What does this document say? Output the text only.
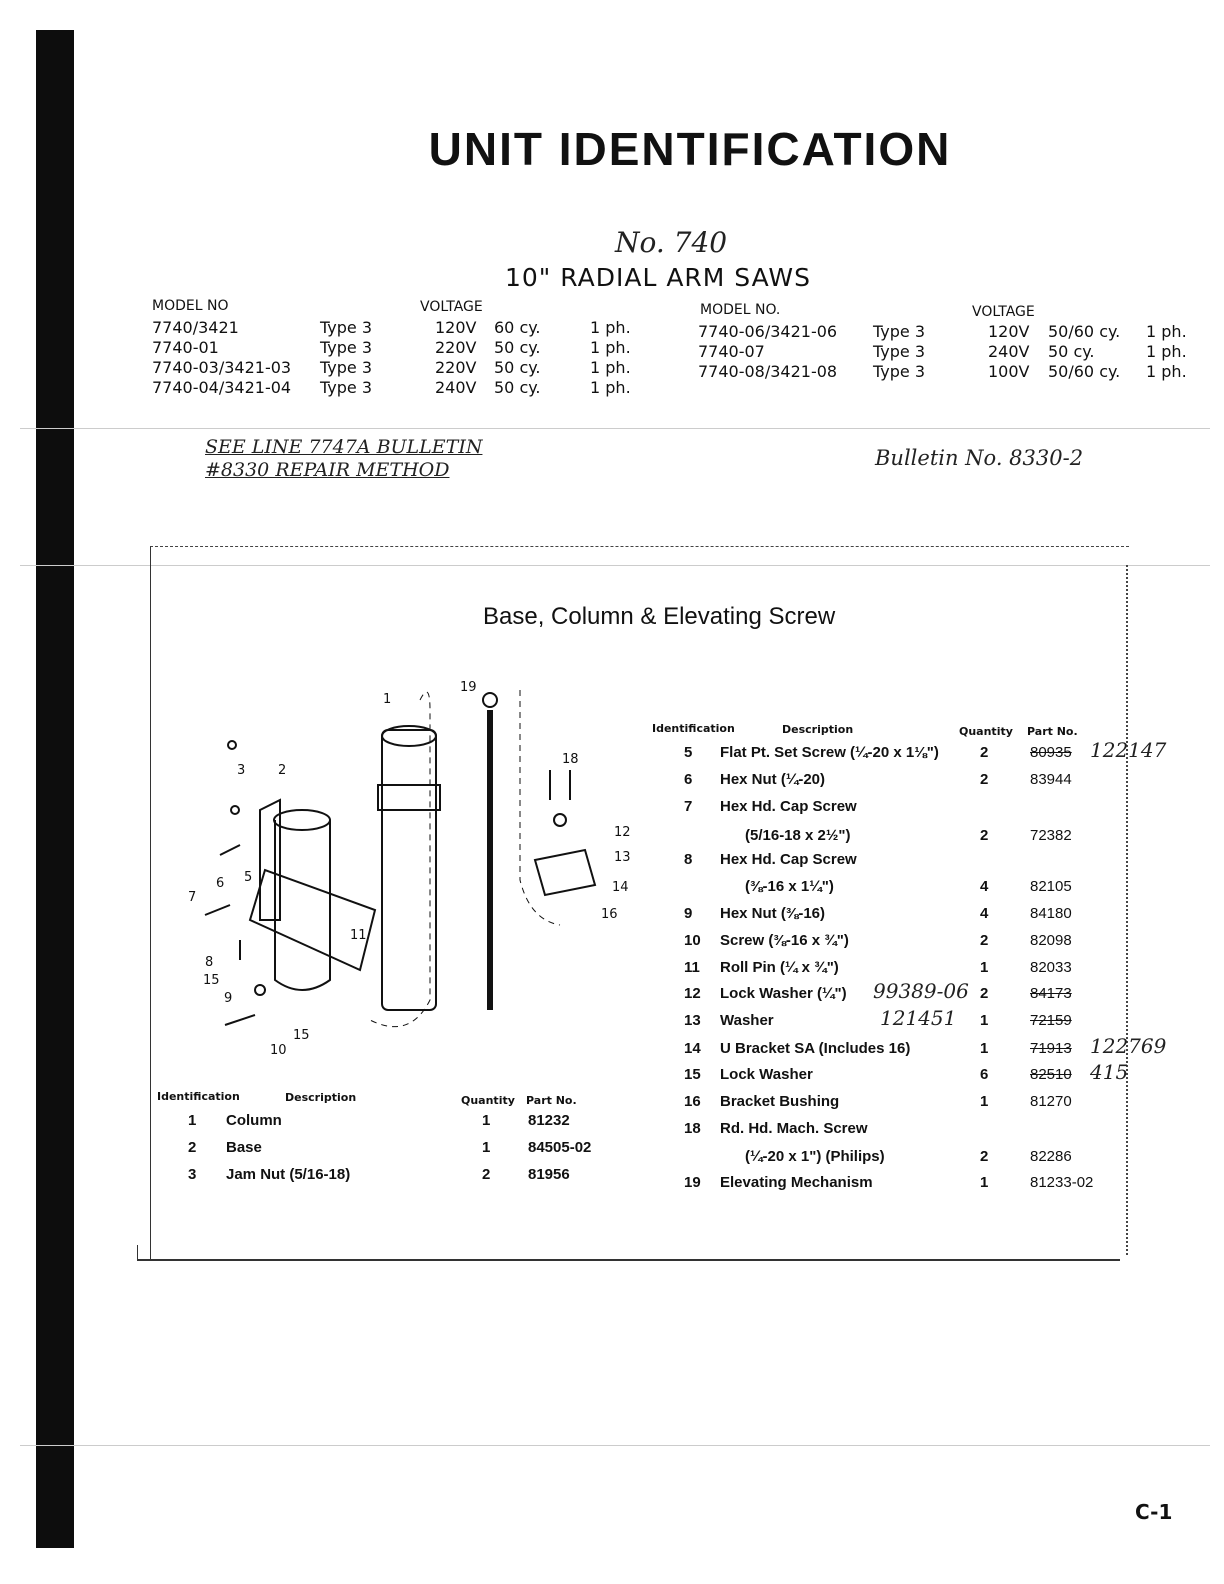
UNIT IDENTIFICATION
No. 740
10" RADIAL ARM SAWS
MODEL NO	VOLTAGE	MODEL NO.	VOLTAGE
SEE LINE 7747A BULLETIN
#8330 REPAIR METHOD	Bulletin No. 8330-2
Base, Column & Elevating Screw
Identification	Description	Quantity Part No.
Identification	Description	Quantity Part No.
C-1
7740/3421	Type 3	120V 60 cy.	1 ph.
7740-01	Type 3	220V 50 cy.	1 ph.
7740-03/3421-03 Type 3	220V 50 cy.	1 ph.
7740-04/3421-04 Type 3	240V 50 cy.	1 ph.
7740-06/3421-06 Type 3	120V 50/60 cy. 1 ph.
7740-07	Type 3	240V 50 cy.	1 ph.
7740-08/3421-08 Type 3	100V 50/60 cy. 1 ph.
1
19
3	2
18
12
13
14
16
5
6
7
11
8
15
9
15
10
1 Column	1	81232
2 Base	1	84505-02
3 Jam Nut (5/16-18)	2	81956
5 Flat Pt. Set Screw (¼-20 x 1⅛")	2	80935 122147
6 Hex Nut (¼-20)	2	83944
7 Hex Hd. Cap Screw
(5/16-18 x 2½")	2	72382
8 Hex Hd. Cap Screw
(⅜-16 x 1¼")	4	82105
9 Hex Nut (⅜-16)	4	84180
10 Screw (⅜-16 x ¾")	2	82098
11 Roll Pin (¼ x ¾")	1	82033
12 Lock Washer (¼")	2	84173
99389-06
13 Washer	1	72159
121451
14 U Bracket SA (Includes 16)	1	71913 122769
15 Lock Washer	6	82510 415
16 Bracket Bushing	1	81270
18 Rd. Hd. Mach. Screw
(¼-20 x 1") (Philips)	2	82286
19 Elevating Mechanism	1	81233-02
